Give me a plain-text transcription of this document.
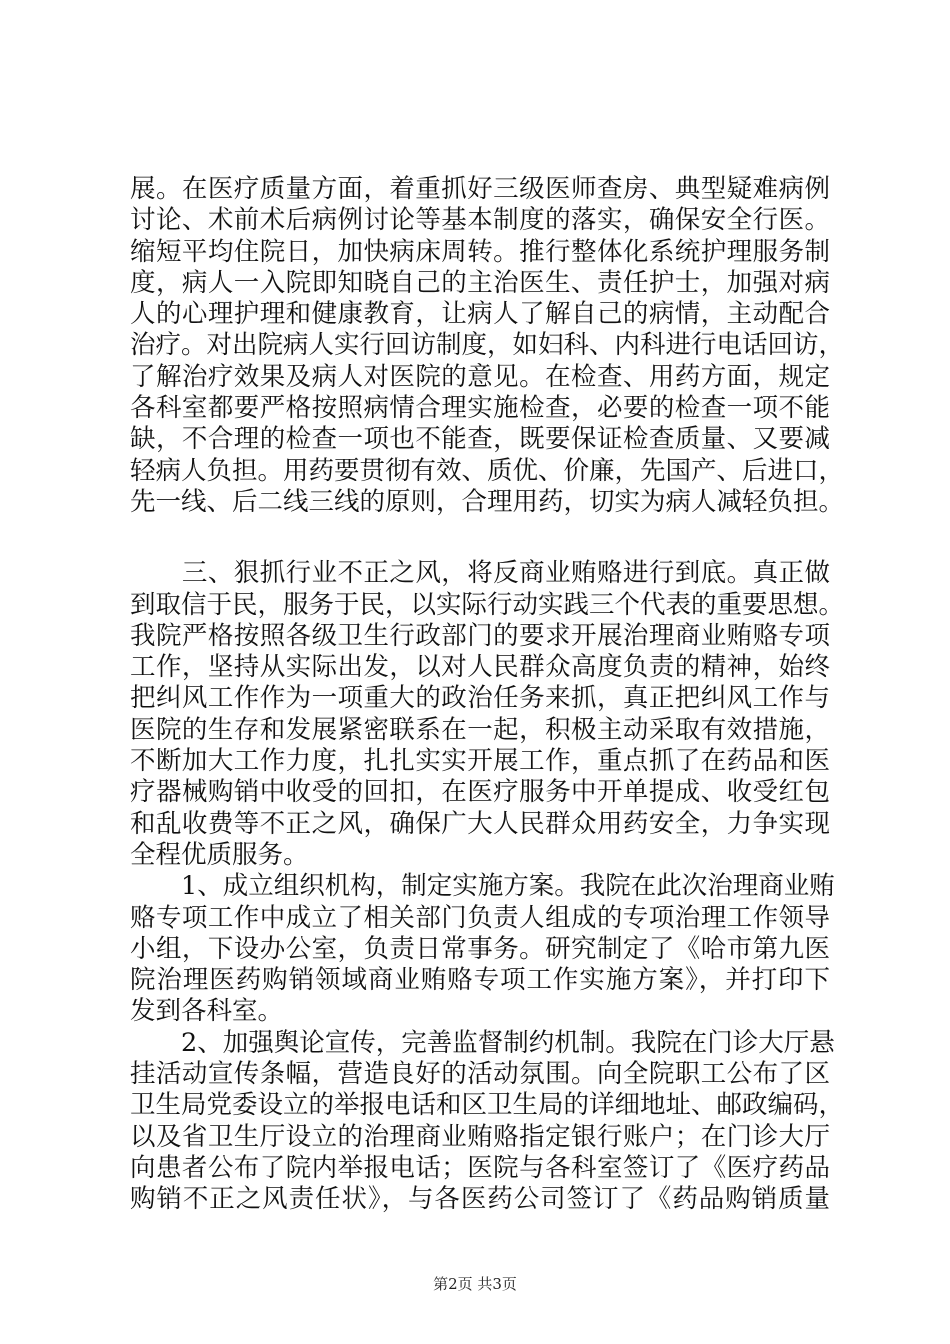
展。在医疗质量方面，着重抓好三级医师查房、典型疑难病例
讨论、术前术后病例讨论等基本制度的落实，确保安全行医。
缩短平均住院日，加快病床周转。推行整体化系统护理服务制
度，病人一入院即知晓自己的主治医生、责任护士，加强对病
人的心理护理和健康教育，让病人了解自己的病情，主动配合
治疗。对出院病人实行回访制度，如妇科、内科进行电话回访，
了解治疗效果及病人对医院的意见。在检查、用药方面，规定
各科室都要严格按照病情合理实施检查，必要的检查一项不能
缺，不合理的检查一项也不能查，既要保证检查质量、又要减
轻病人负担。用药要贯彻有效、质优、价廉，先国产、后进口，
先一线、后二线三线的原则，合理用药，切实为病人减轻负担。
　　三、狠抓行业不正之风，将反商业贿赂进行到底。真正做
到取信于民，服务于民，以实际行动实践三个代表的重要思想。
我院严格按照各级卫生行政部门的要求开展治理商业贿赂专项
工作，坚持从实际出发，以对人民群众高度负责的精神，始终
把纠风工作作为一项重大的政治任务来抓，真正把纠风工作与
医院的生存和发展紧密联系在一起，积极主动采取有效措施，
不断加大工作力度，扎扎实实开展工作，重点抓了在药品和医
疗器械购销中收受的回扣，在医疗服务中开单提成、收受红包
和乱收费等不正之风，确保广大人民群众用药安全，力争实现
全程优质服务。
　　1、成立组织机构，制定实施方案。我院在此次治理商业贿
赂专项工作中成立了相关部门负责人组成的专项治理工作领导
小组，下设办公室，负责日常事务。研究制定了《哈市第九医
院治理医药购销领域商业贿赂专项工作实施方案》，并打印下
发到各科室。
　　2、加强舆论宣传，完善监督制约机制。我院在门诊大厅悬
挂活动宣传条幅，营造良好的活动氛围。向全院职工公布了区
卫生局党委设立的举报电话和区卫生局的详细地址、邮政编码，
以及省卫生厅设立的治理商业贿赂指定银行账户；在门诊大厅
向患者公布了院内举报电话；医院与各科室签订了《医疗药品
购销不正之风责任状》，与各医药公司签订了《药品购销质量
第2页 共3页
